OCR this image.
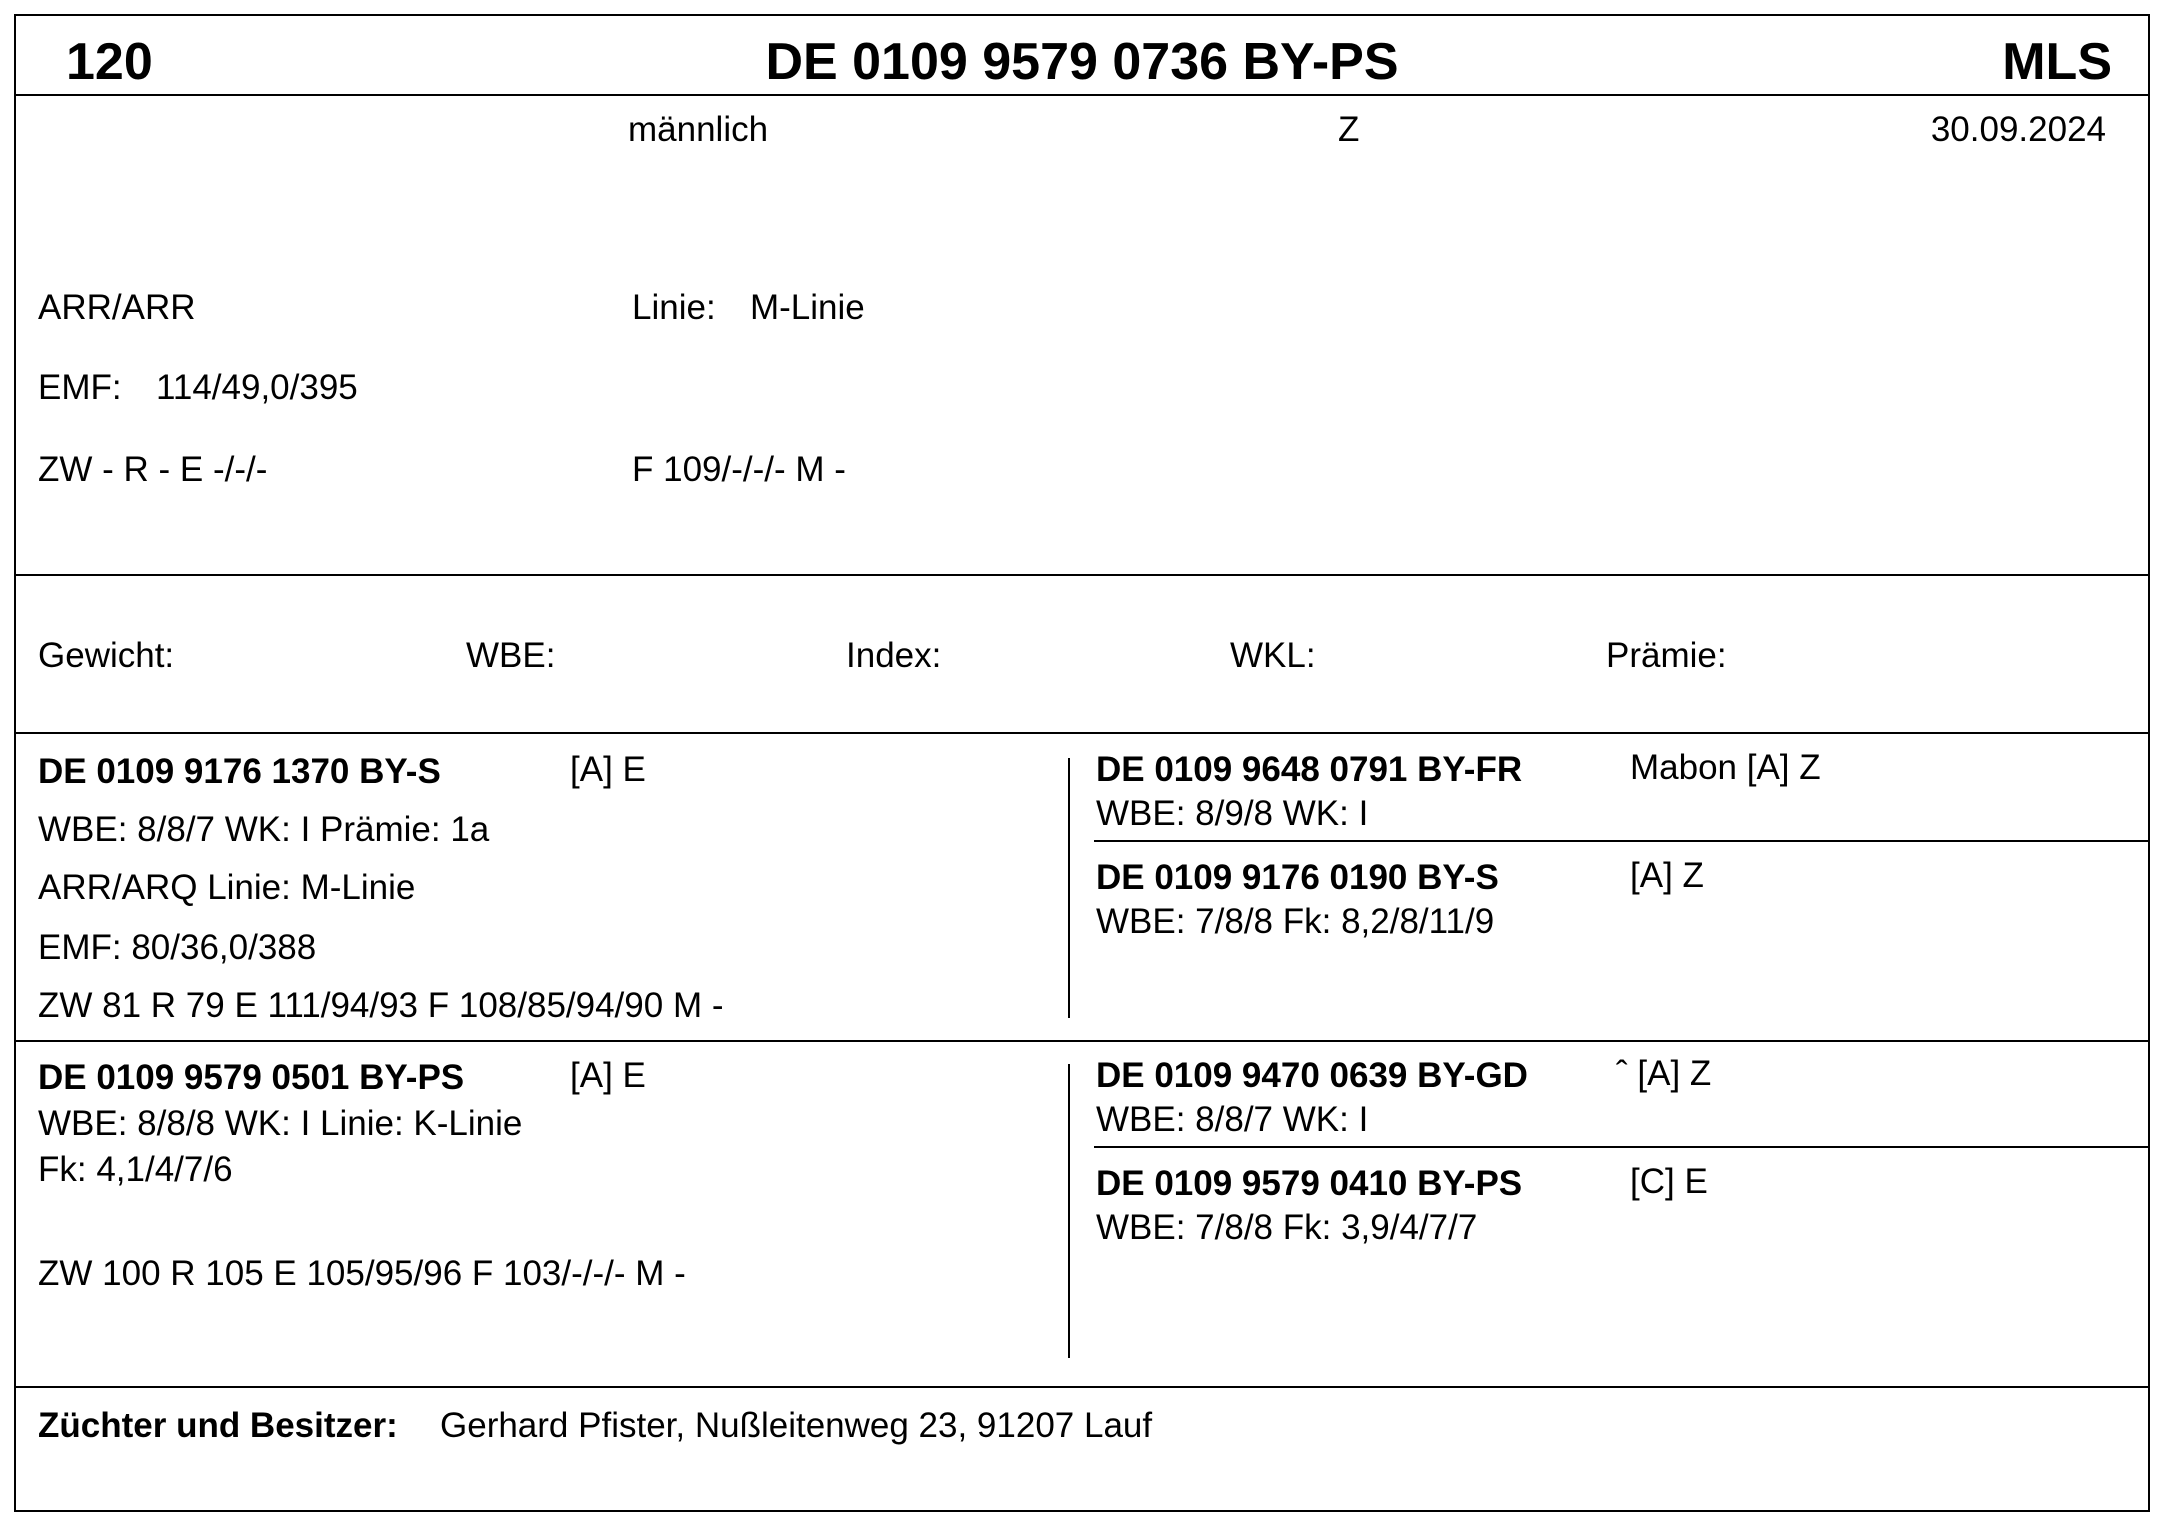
120	DE 0109 9579 0736 BY-PS	MLS
männlich	Z	30.09.2024
ARR/ARR	Linie: M-Linie
EMF: 114/49,0/395
ZW - R - E -/-/-	F 109/-/-/- M -
Gewicht:	WBE:	Index:	WKL:	Prämie:
DE 0109 9176 1370 BY-S	[A] E
WBE: 8/8/7 WK: I Prämie: 1a
ARR/ARQ Linie: M-Linie
EMF: 80/36,0/388
ZW 81 R 79 E 111/94/93 F 108/85/94/90 M -
DE 0109 9648 0791 BY-FR	Mabon [A] Z
WBE: 8/9/8 WK: I
DE 0109 9176 0190 BY-S	[A] Z
WBE: 7/8/8 Fk: 8,2/8/11/9
DE 0109 9579 0501 BY-PS	[A] E
WBE: 8/8/8 WK: I Linie: K-Linie
Fk: 4,1/4/7/6
ZW 100 R 105 E 105/95/96 F 103/-/-/- M -
DE 0109 9470 0639 BY-GD	ˆ [A] Z
WBE: 8/8/7 WK: I
DE 0109 9579 0410 BY-PS	[C] E
WBE: 7/8/8 Fk: 3,9/4/7/7
Züchter und Besitzer: Gerhard Pfister, Nußleitenweg 23, 91207 Lauf
